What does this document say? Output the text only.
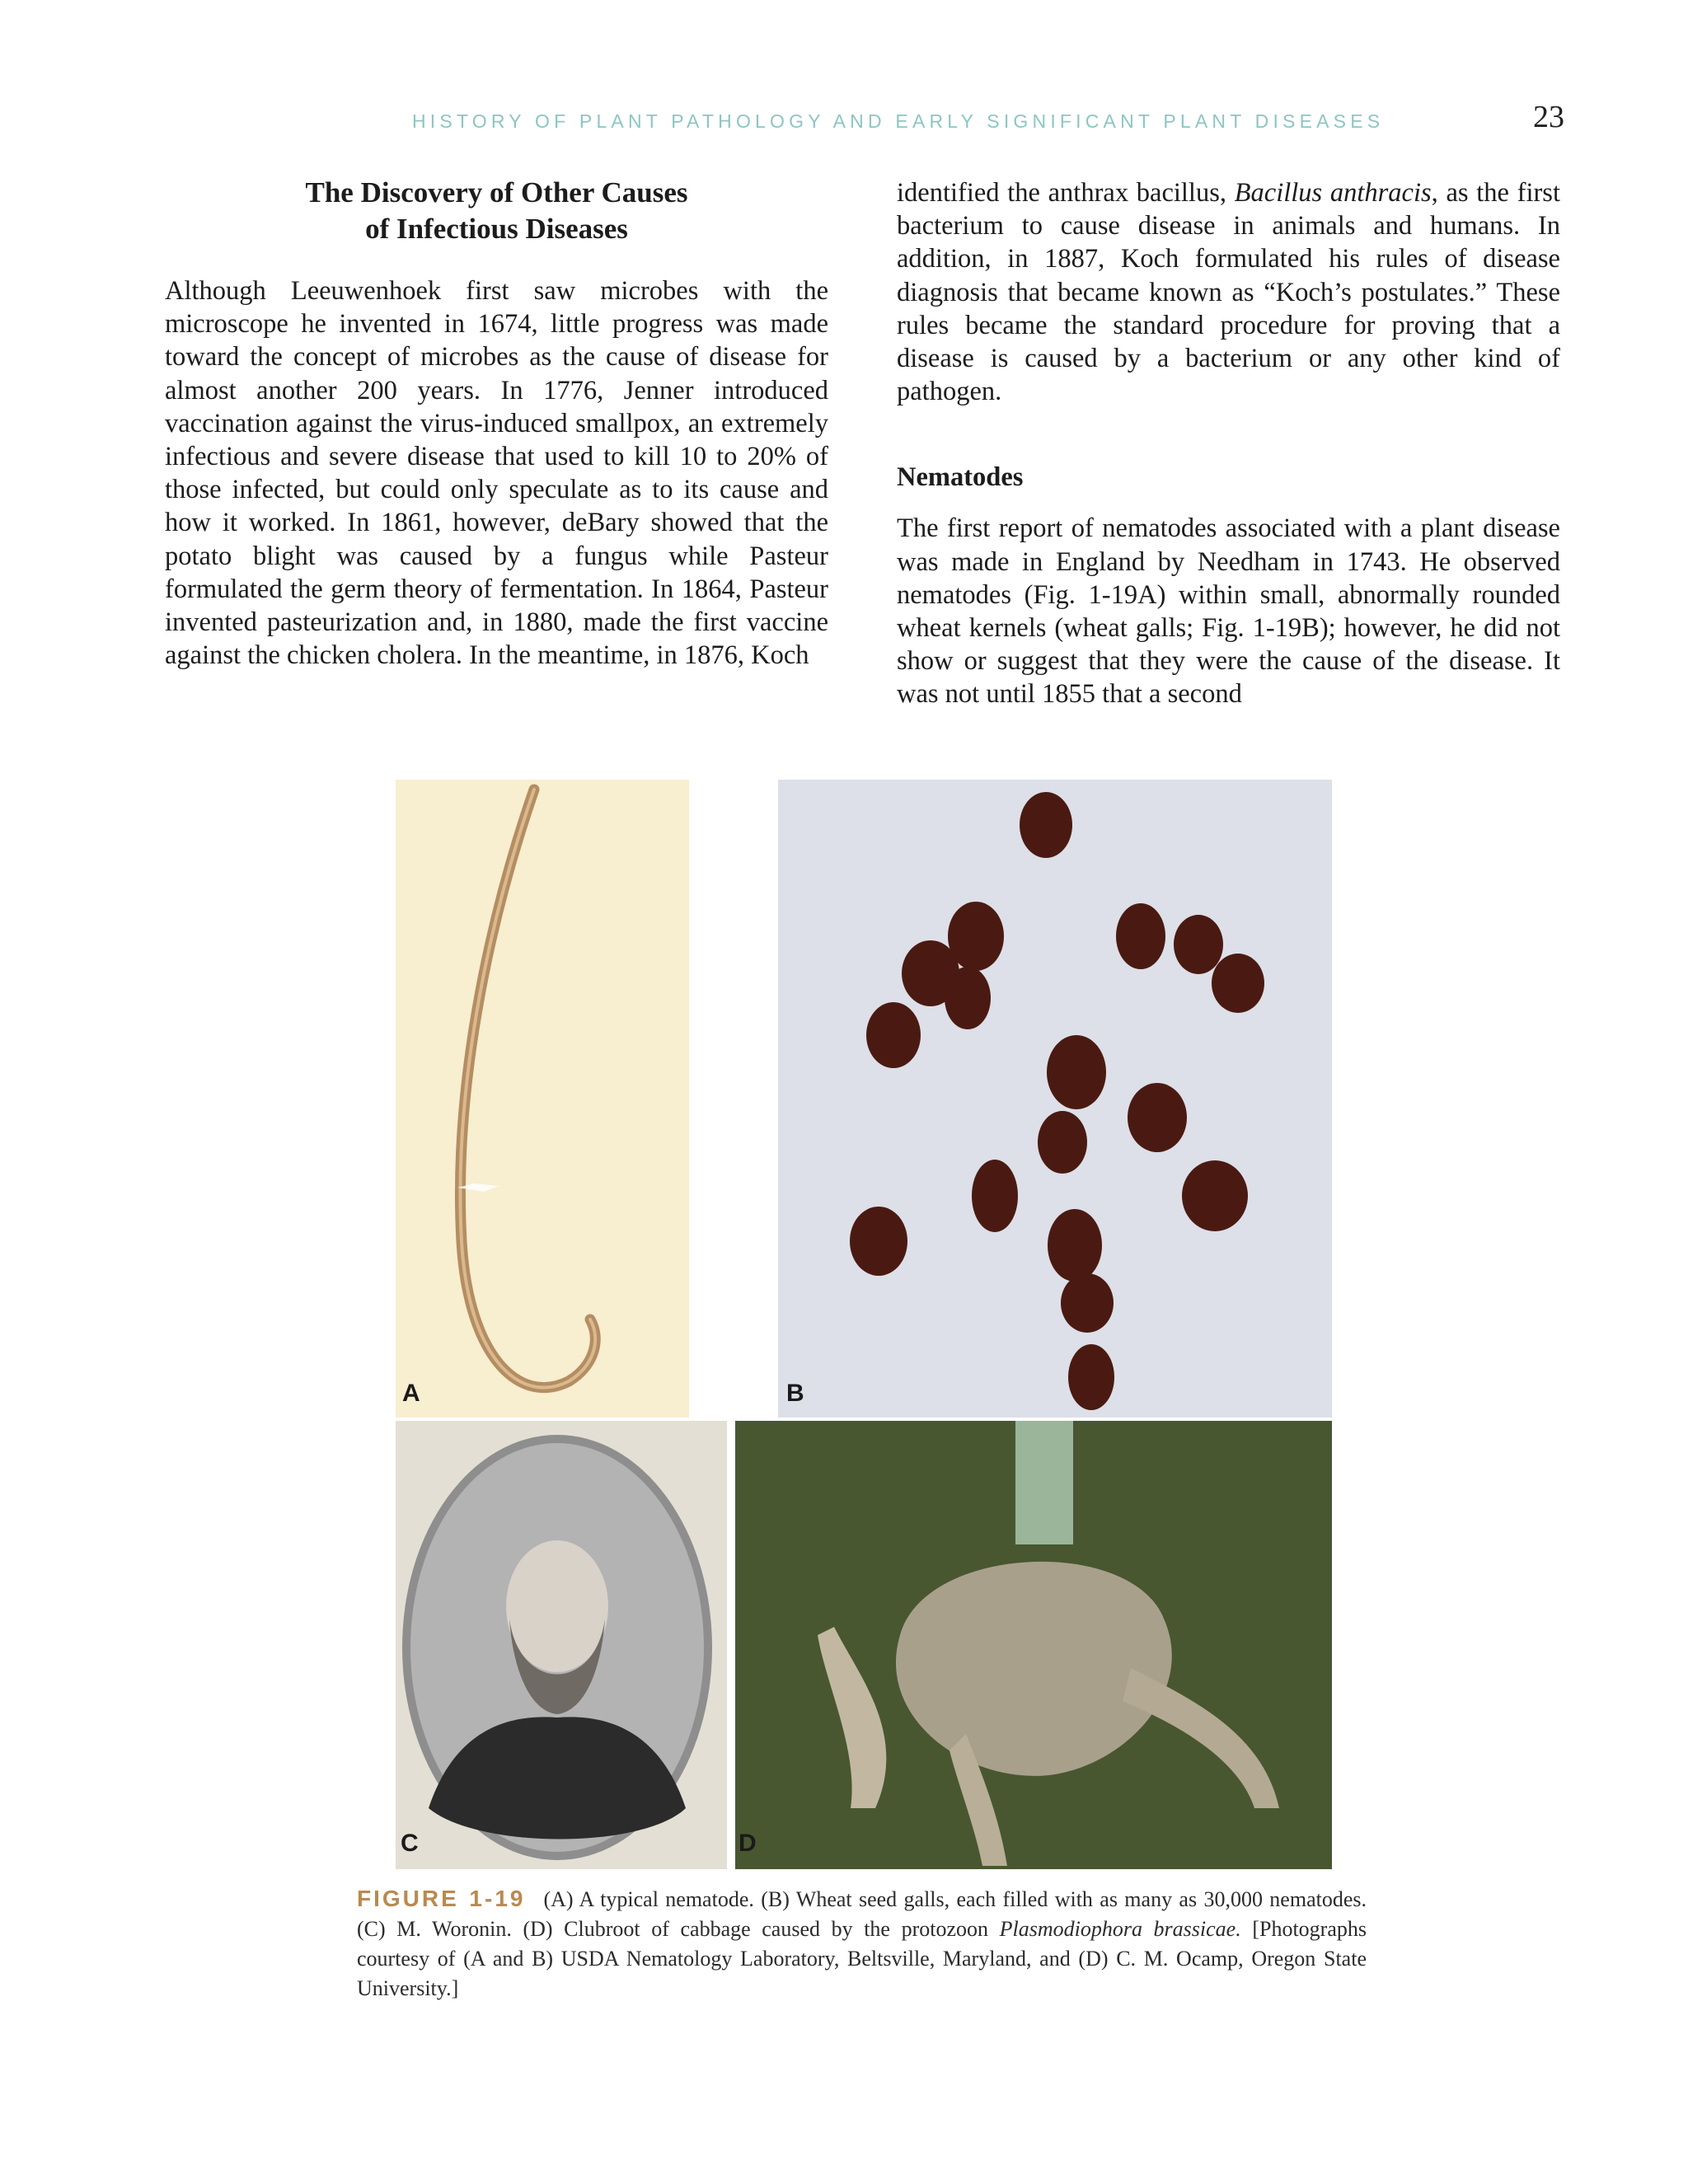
HISTORY OF PLANT PATHOLOGY AND EARLY SIGNIFICANT PLANT DISEASES	23
The Discovery of Other Causes
of Infectious Diseases

Although Leeuwenhoek first saw microbes with the microscope he invented in 1674, little progress was made toward the concept of microbes as the cause of disease for almost another 200 years. In 1776, Jenner introduced vaccination against the virus-induced smallpox, an extremely infectious and severe disease that used to kill 10 to 20% of those infected, but could only speculate as to its cause and how it worked. In 1861, however, deBary showed that the potato blight was caused by a fungus while Pasteur formulated the germ theory of fermentation. In 1864, Pasteur invented pasteurization and, in 1880, made the first vaccine against the chicken cholera. In the meantime, in 1876, Koch

identified the anthrax bacillus, Bacillus anthracis, as the first bacterium to cause disease in animals and humans. In addition, in 1887, Koch formulated his rules of disease diagnosis that became known as “Koch’s postulates.” These rules became the standard procedure for proving that a disease is caused by a bacterium or any other kind of pathogen.

Nematodes

The first report of nematodes associated with a plant disease was made in England by Needham in 1743. He observed nematodes (Fig. 1-19A) within small, abnormally rounded wheat kernels (wheat galls; Fig. 1-19B); however, he did not show or suggest that they were the cause of the disease. It was not until 1855 that a second

A	B
C	D
FIGURE 1-19 (A) A typical nematode. (B) Wheat seed galls, each filled with as many as 30,000 nematodes. (C) M. Woronin. (D) Clubroot of cabbage caused by the protozoon Plasmodiophora brassicae. [Photographs courtesy of (A and B) USDA Nematology Laboratory, Beltsville, Maryland, and (D) C. M. Ocamp, Oregon State University.]
